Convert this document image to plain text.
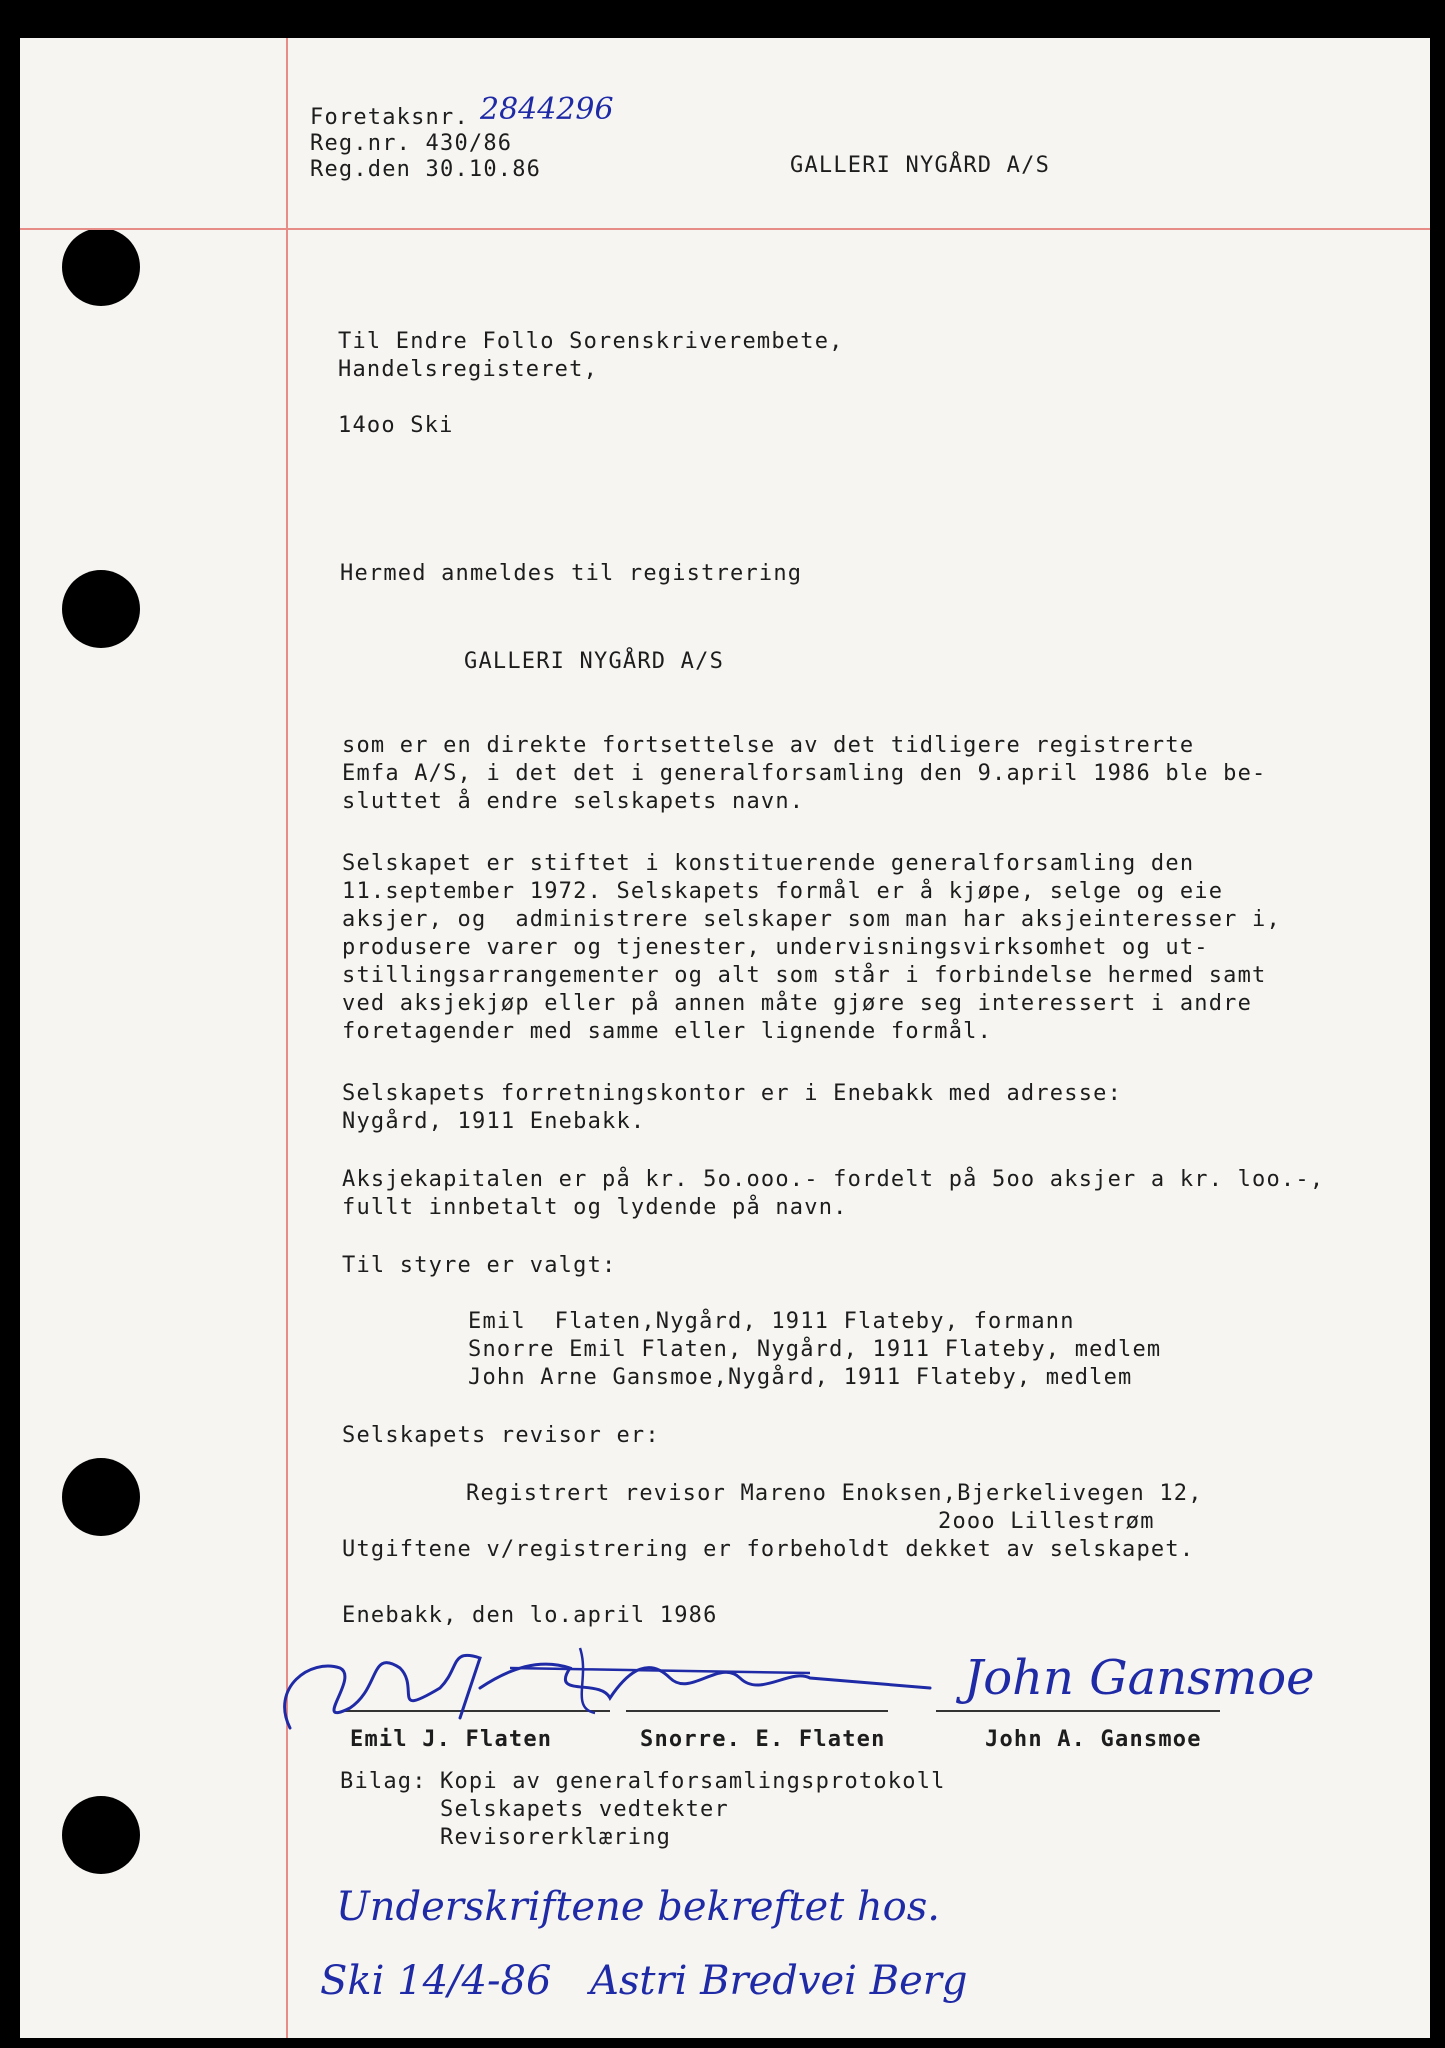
Foretaksnr. 2844296
Reg.nr. 430/86
Reg.den 30.10.86	GALLERI NYGÅRD A/S
Til Endre Follo Sorenskriverembete,
Handelsregisteret,
14oo Ski
Hermed anmeldes til registrering
GALLERI NYGÅRD A/S
som er en direkte fortsettelse av det tidligere registrerte
Emfa A/S, i det det i generalforsamling den 9.april 1986 ble be-
sluttet å endre selskapets navn.
Selskapet er stiftet i konstituerende generalforsamling den
11.september 1972. Selskapets formål er å kjøpe, selge og eie
aksjer, og  administrere selskaper som man har aksjeinteresser i,
produsere varer og tjenester, undervisningsvirksomhet og ut-
stillingsarrangementer og alt som står i forbindelse hermed samt
ved aksjekjøp eller på annen måte gjøre seg interessert i andre
foretagender med samme eller lignende formål.
Selskapets forretningskontor er i Enebakk med adresse:
Nygård, 1911 Enebakk.
Aksjekapitalen er på kr. 5o.ooo.- fordelt på 5oo aksjer a kr. loo.-,
fullt innbetalt og lydende på navn.
Til styre er valgt:
Emil  Flaten,Nygård, 1911 Flateby, formann
Snorre Emil Flaten, Nygård, 1911 Flateby, medlem
John Arne Gansmoe,Nygård, 1911 Flateby, medlem
Selskapets revisor er:
Registrert revisor Mareno Enoksen,Bjerkelivegen 12,
2ooo Lillestrøm
Utgiftene v/registrering er forbeholdt dekket av selskapet.
Enebakk, den lo.april 1986
John Gansmoe
Emil J. Flaten	Snorre. E. Flaten	John A. Gansmoe
Bilag: Kopi av generalforsamlingsprotokoll
Selskapets vedtekter
Revisorerklæring
Underskriftene bekreftet hos.
Ski 14/4-86 Astri Bredvei Berg
